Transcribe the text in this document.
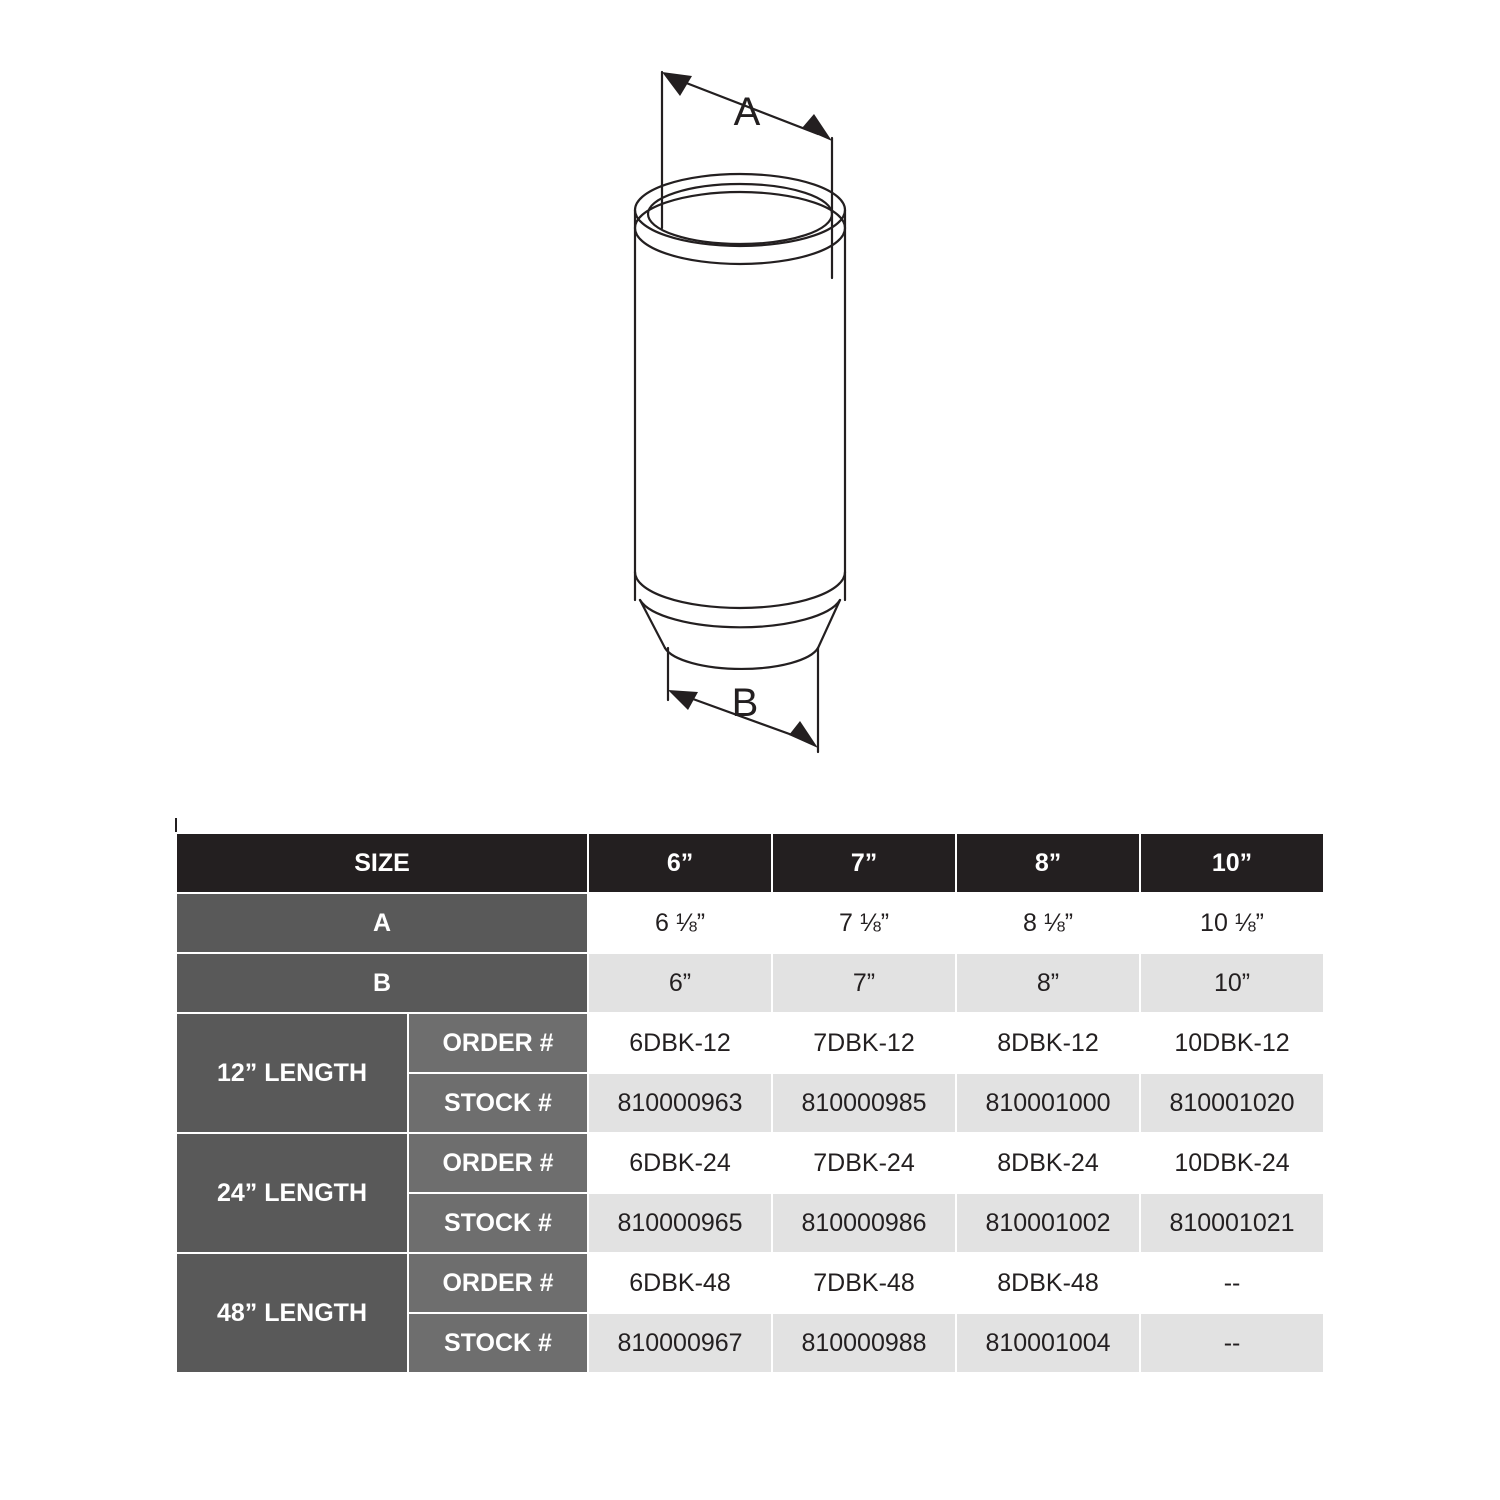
A
B
SIZE		6”	7”	8”	10”
A		6 ⅛”	7 ⅛”	8 ⅛”	10 ⅛”
B		6”	7”	8”	10”
12” LENGTH	ORDER #	6DBK-12	7DBK-12	8DBK-12	10DBK-12
	STOCK #	810000963	810000985	810001000	810001020
24” LENGTH	ORDER #	6DBK-24	7DBK-24	8DBK-24	10DBK-24
	STOCK #	810000965	810000986	810001002	810001021
48” LENGTH	ORDER #	6DBK-48	7DBK-48	8DBK-48	--
	STOCK #	810000967	810000988	810001004	--
